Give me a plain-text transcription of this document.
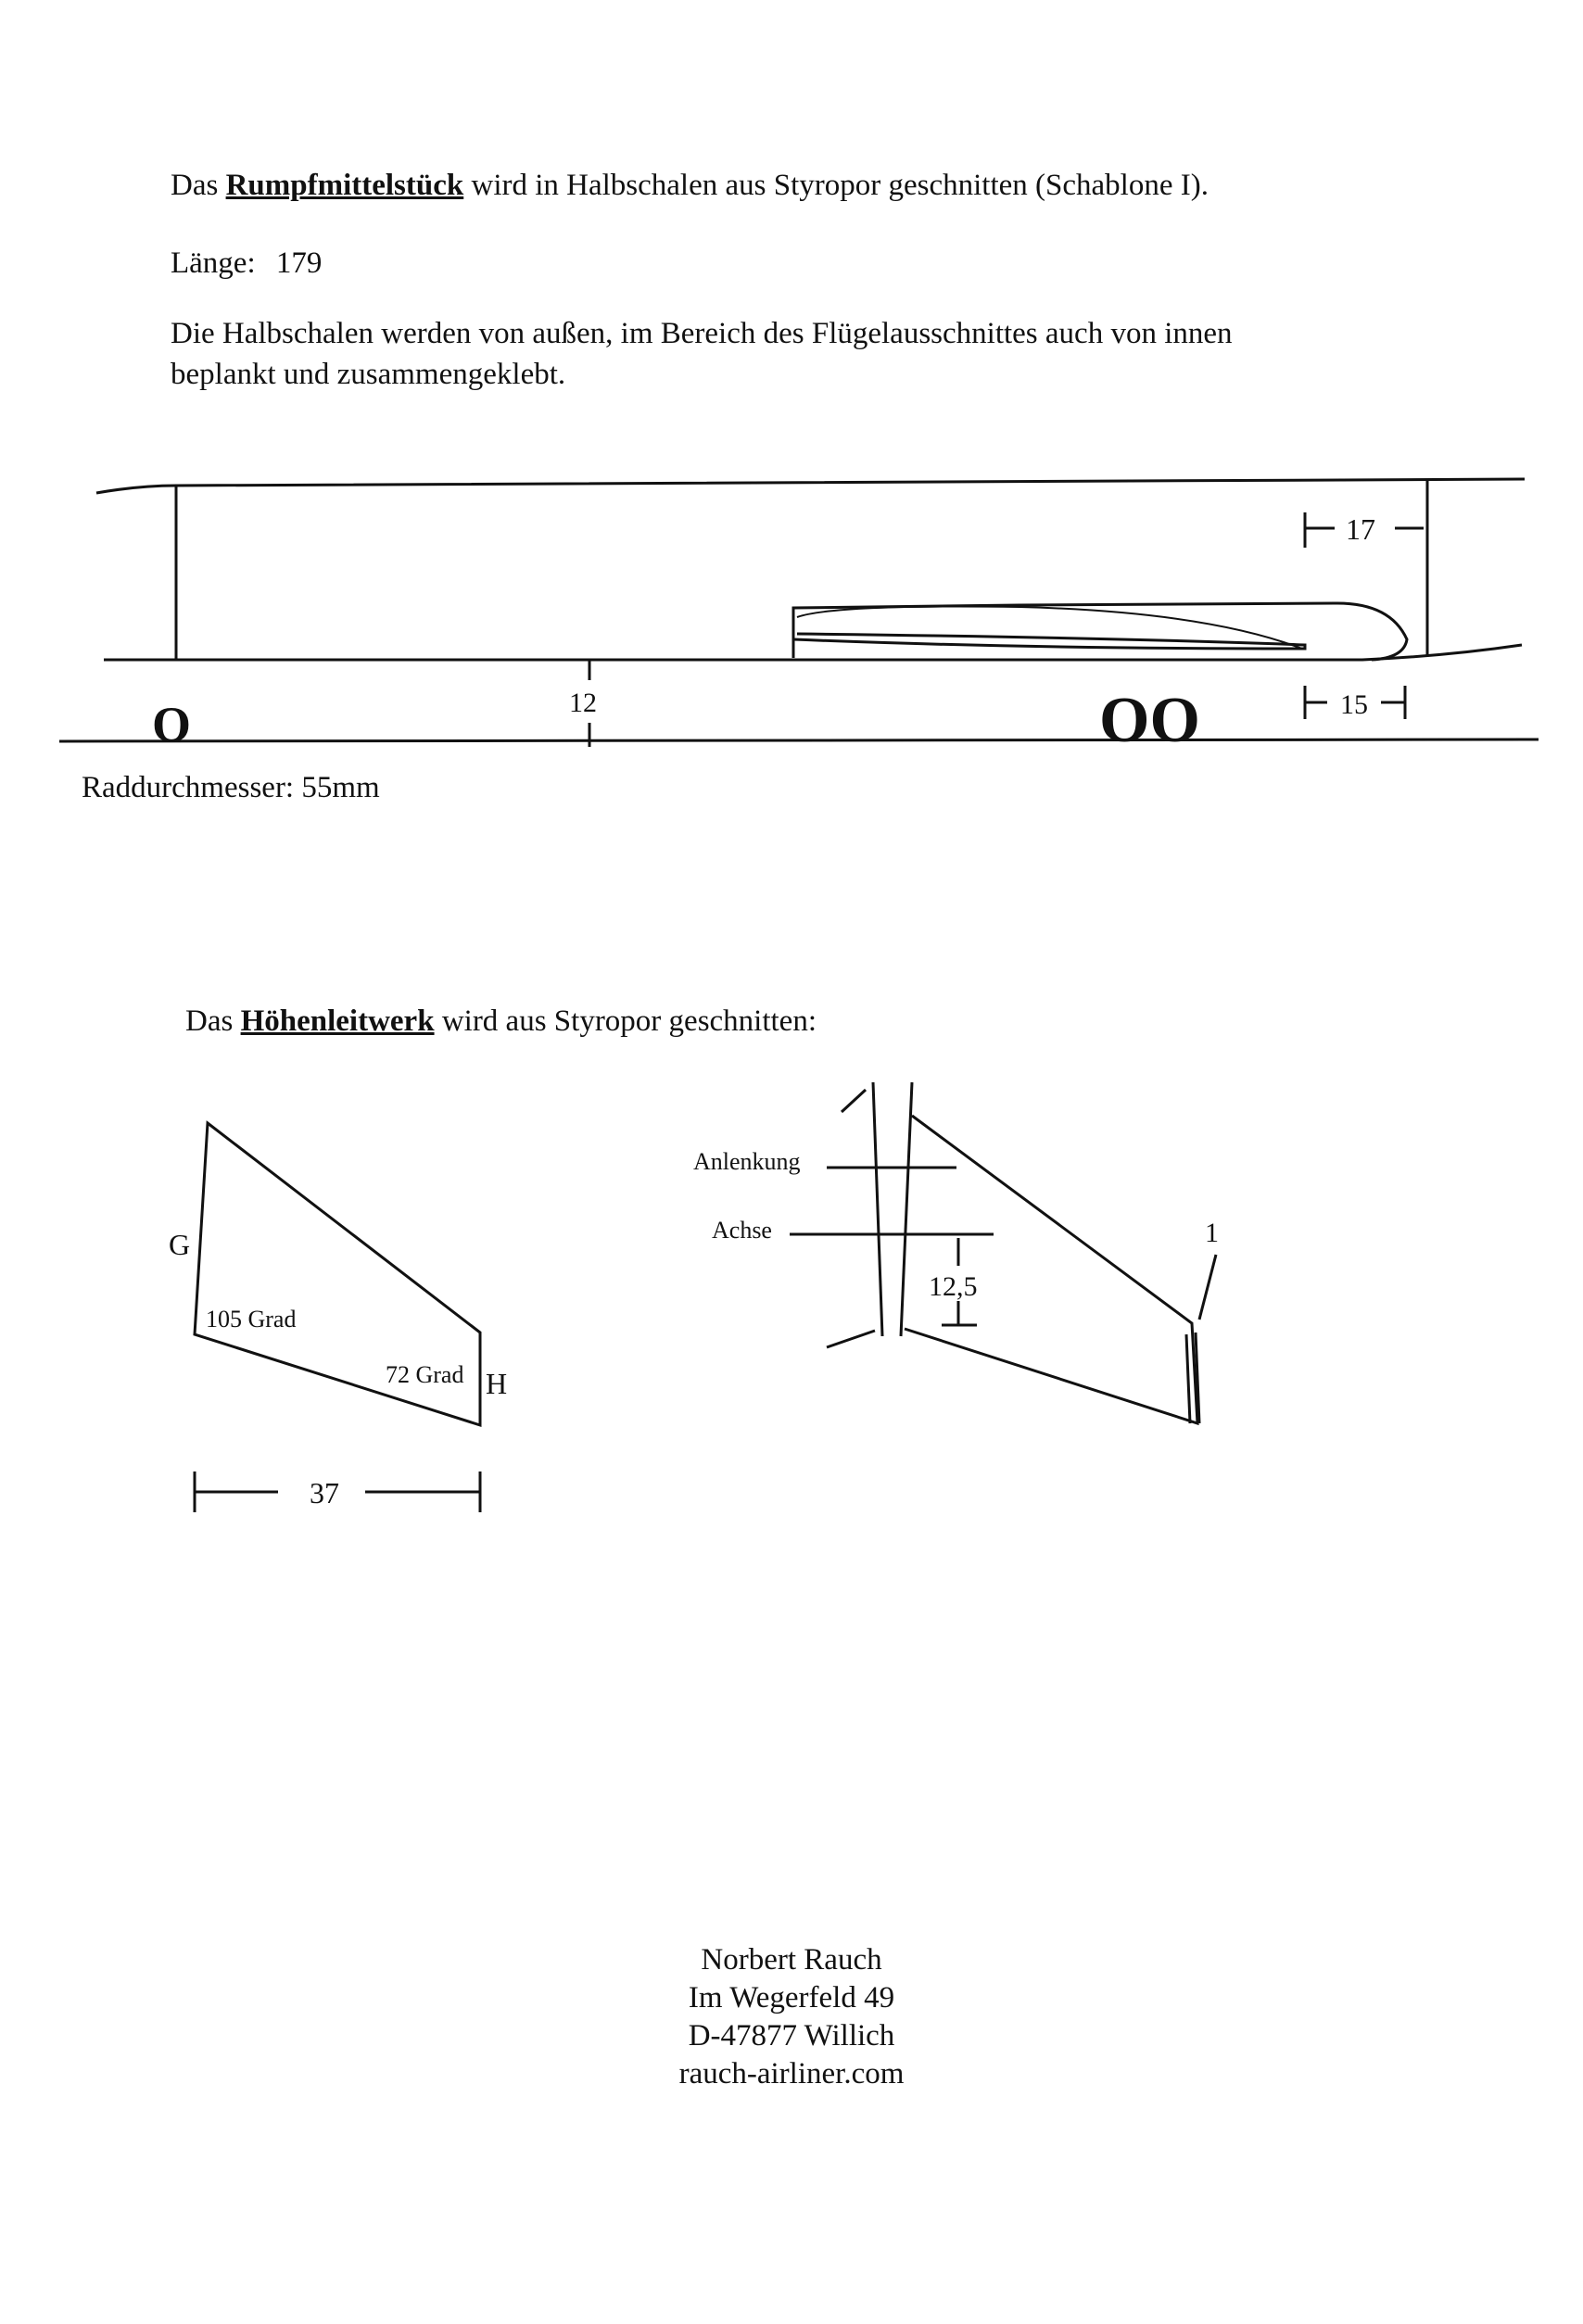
Das Rumpfmittelstück wird in Halbschalen aus Styropor geschnitten (Schablone I).
Länge: 179
Die Halbschalen werden von außen, im Bereich des Flügelausschnittes auch von innen
beplankt und zusammengeklebt.
17
15
12
O	OO
Raddurchmesser: 55mm
Das Höhenleitwerk wird aus Styropor geschnitten:
G
H
105 Grad
72 Grad
37
Anlenkung
Achse
12,5
1
Norbert Rauch
Im Wegerfeld 49
D-47877 Willich
rauch-airliner.com
